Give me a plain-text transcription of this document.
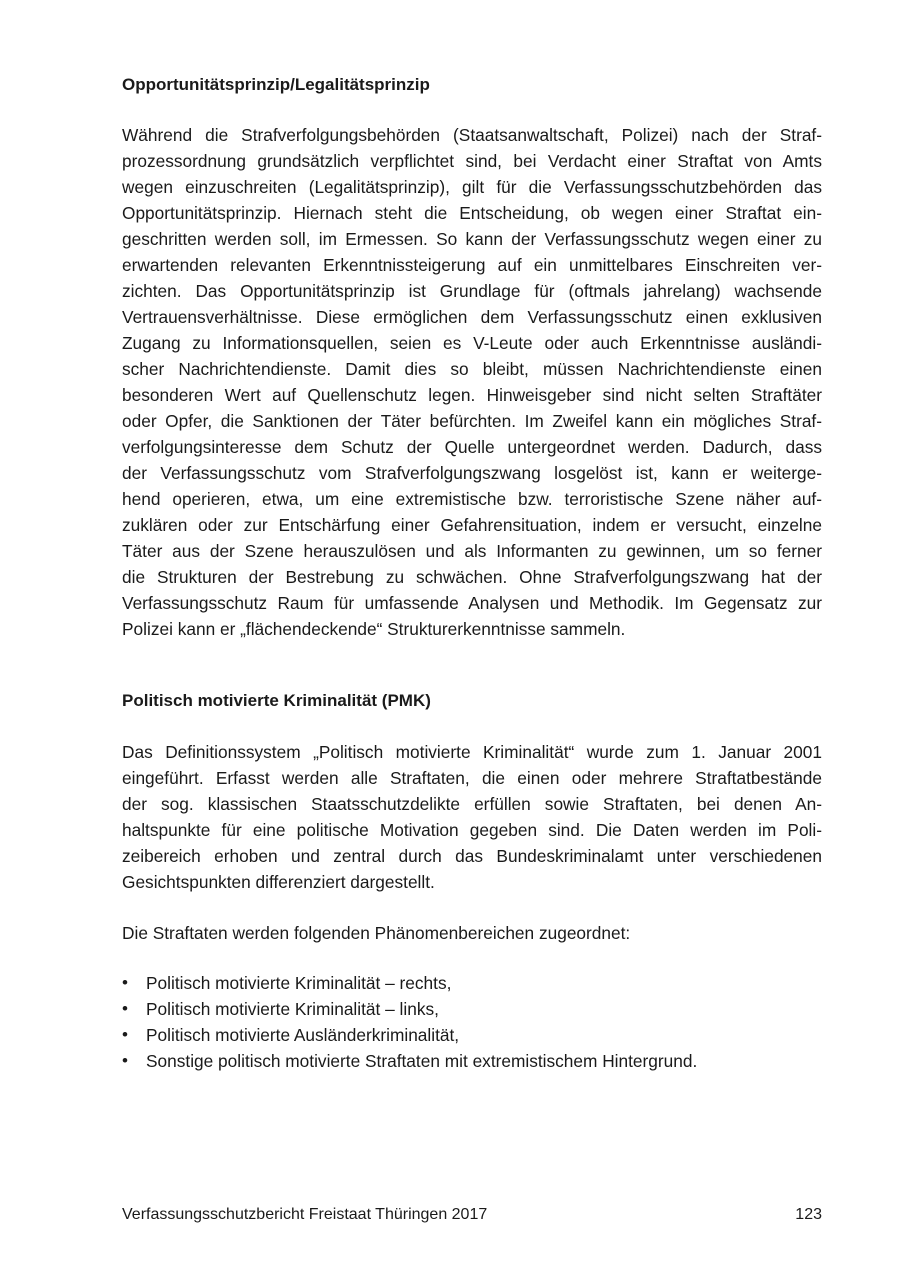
Opportunitätsprinzip/Legalitätsprinzip
Während die Strafverfolgungsbehörden (Staatsanwaltschaft, Polizei) nach der Straf-
prozessordnung grundsätzlich verpflichtet sind, bei Verdacht einer Straftat von Amts
wegen einzuschreiten (Legalitätsprinzip), gilt für die Verfassungsschutzbehörden das
Opportunitätsprinzip. Hiernach steht die Entscheidung, ob wegen einer Straftat ein-
geschritten werden soll, im Ermessen. So kann der Verfassungsschutz wegen einer zu
erwartenden relevanten Erkenntnissteigerung auf ein unmittelbares Einschreiten ver-
zichten. Das Opportunitätsprinzip ist Grundlage für (oftmals jahrelang) wachsende
Vertrauensverhältnisse. Diese ermöglichen dem Verfassungsschutz einen exklusiven
Zugang zu Informationsquellen, seien es V-Leute oder auch Erkenntnisse ausländi-
scher Nachrichtendienste. Damit dies so bleibt, müssen Nachrichtendienste einen
besonderen Wert auf Quellenschutz legen. Hinweisgeber sind nicht selten Straftäter
oder Opfer, die Sanktionen der Täter befürchten. Im Zweifel kann ein mögliches Straf-
verfolgungsinteresse dem Schutz der Quelle untergeordnet werden. Dadurch, dass
der Verfassungsschutz vom Strafverfolgungszwang losgelöst ist, kann er weiterge-
hend operieren, etwa, um eine extremistische bzw. terroristische Szene näher auf-
zuklären oder zur Entschärfung einer Gefahrensituation, indem er versucht, einzelne
Täter aus der Szene herauszulösen und als Informanten zu gewinnen, um so ferner
die Strukturen der Bestrebung zu schwächen. Ohne Strafverfolgungszwang hat der
Verfassungsschutz Raum für umfassende Analysen und Methodik. Im Gegensatz zur
Polizei kann er „flächendeckende“ Strukturerkenntnisse sammeln.
Politisch motivierte Kriminalität (PMK)
Das Definitionssystem „Politisch motivierte Kriminalität“ wurde zum 1. Januar 2001
eingeführt. Erfasst werden alle Straftaten, die einen oder mehrere Straftatbestände
der sog. klassischen Staatsschutzdelikte erfüllen sowie Straftaten, bei denen An-
haltspunkte für eine politische Motivation gegeben sind. Die Daten werden im Poli-
zeibereich erhoben und zentral durch das Bundeskriminalamt unter verschiedenen
Gesichtspunkten differenziert dargestellt.
Die Straftaten werden folgenden Phänomenbereichen zugeordnet:
• Politisch motivierte Kriminalität – rechts,
• Politisch motivierte Kriminalität – links,
• Politisch motivierte Ausländerkriminalität,
• Sonstige politisch motivierte Straftaten mit extremistischem Hintergrund.
Verfassungsschutzbericht Freistaat Thüringen 2017	123
